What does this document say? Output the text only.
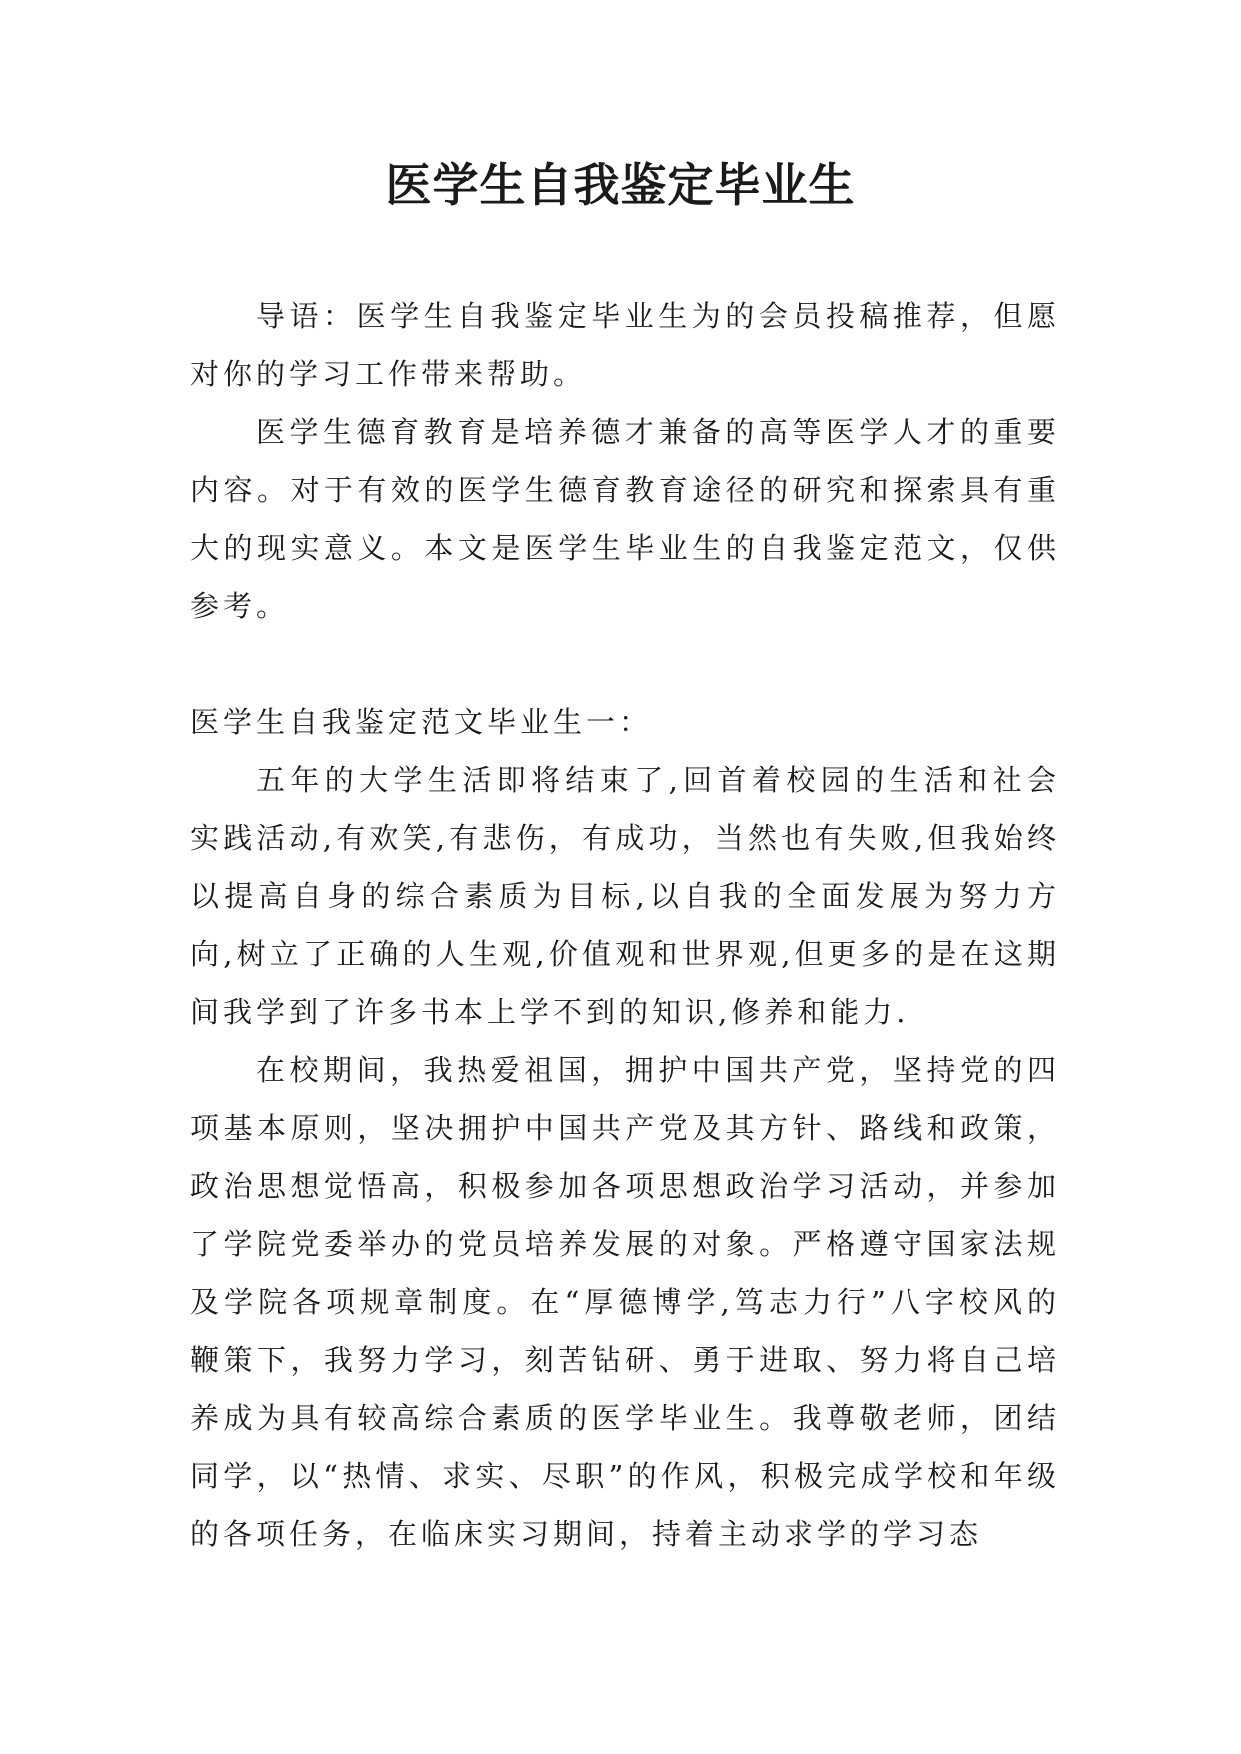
医学生自我鉴定毕业生

导语：医学生自我鉴定毕业生为的会员投稿推荐，但愿对你的学习工作带来帮助。

医学生德育教育是培养德才兼备的高等医学人才的重要内容。对于有效的医学生德育教育途径的研究和探索具有重大的现实意义。本文是医学生毕业生的自我鉴定范文，仅供参考。

医学生自我鉴定范文毕业生一：

五年的大学生活即将结束了,回首着校园的生活和社会实践活动,有欢笑,有悲伤，有成功，当然也有失败,但我始终以提高自身的综合素质为目标,以自我的全面发展为努力方向,树立了正确的人生观,价值观和世界观,但更多的是在这期间我学到了许多书本上学不到的知识,修养和能力.

在校期间，我热爱祖国，拥护中国共产党，坚持党的四项基本原则，坚决拥护中国共产党及其方针、路线和政策，政治思想觉悟高，积极参加各项思想政治学习活动，并参加了学院党委举办的党员培养发展的对象。严格遵守国家法规及学院各项规章制度。在“厚德博学,笃志力行”八字校风的鞭策下，我努力学习，刻苦钻研、勇于进取、努力将自己培养成为具有较高综合素质的医学毕业生。我尊敬老师，团结同学，以“热情、求实、尽职”的作风，积极完成学校和年级的各项任务，在临床实习期间，持着主动求学的学习态
